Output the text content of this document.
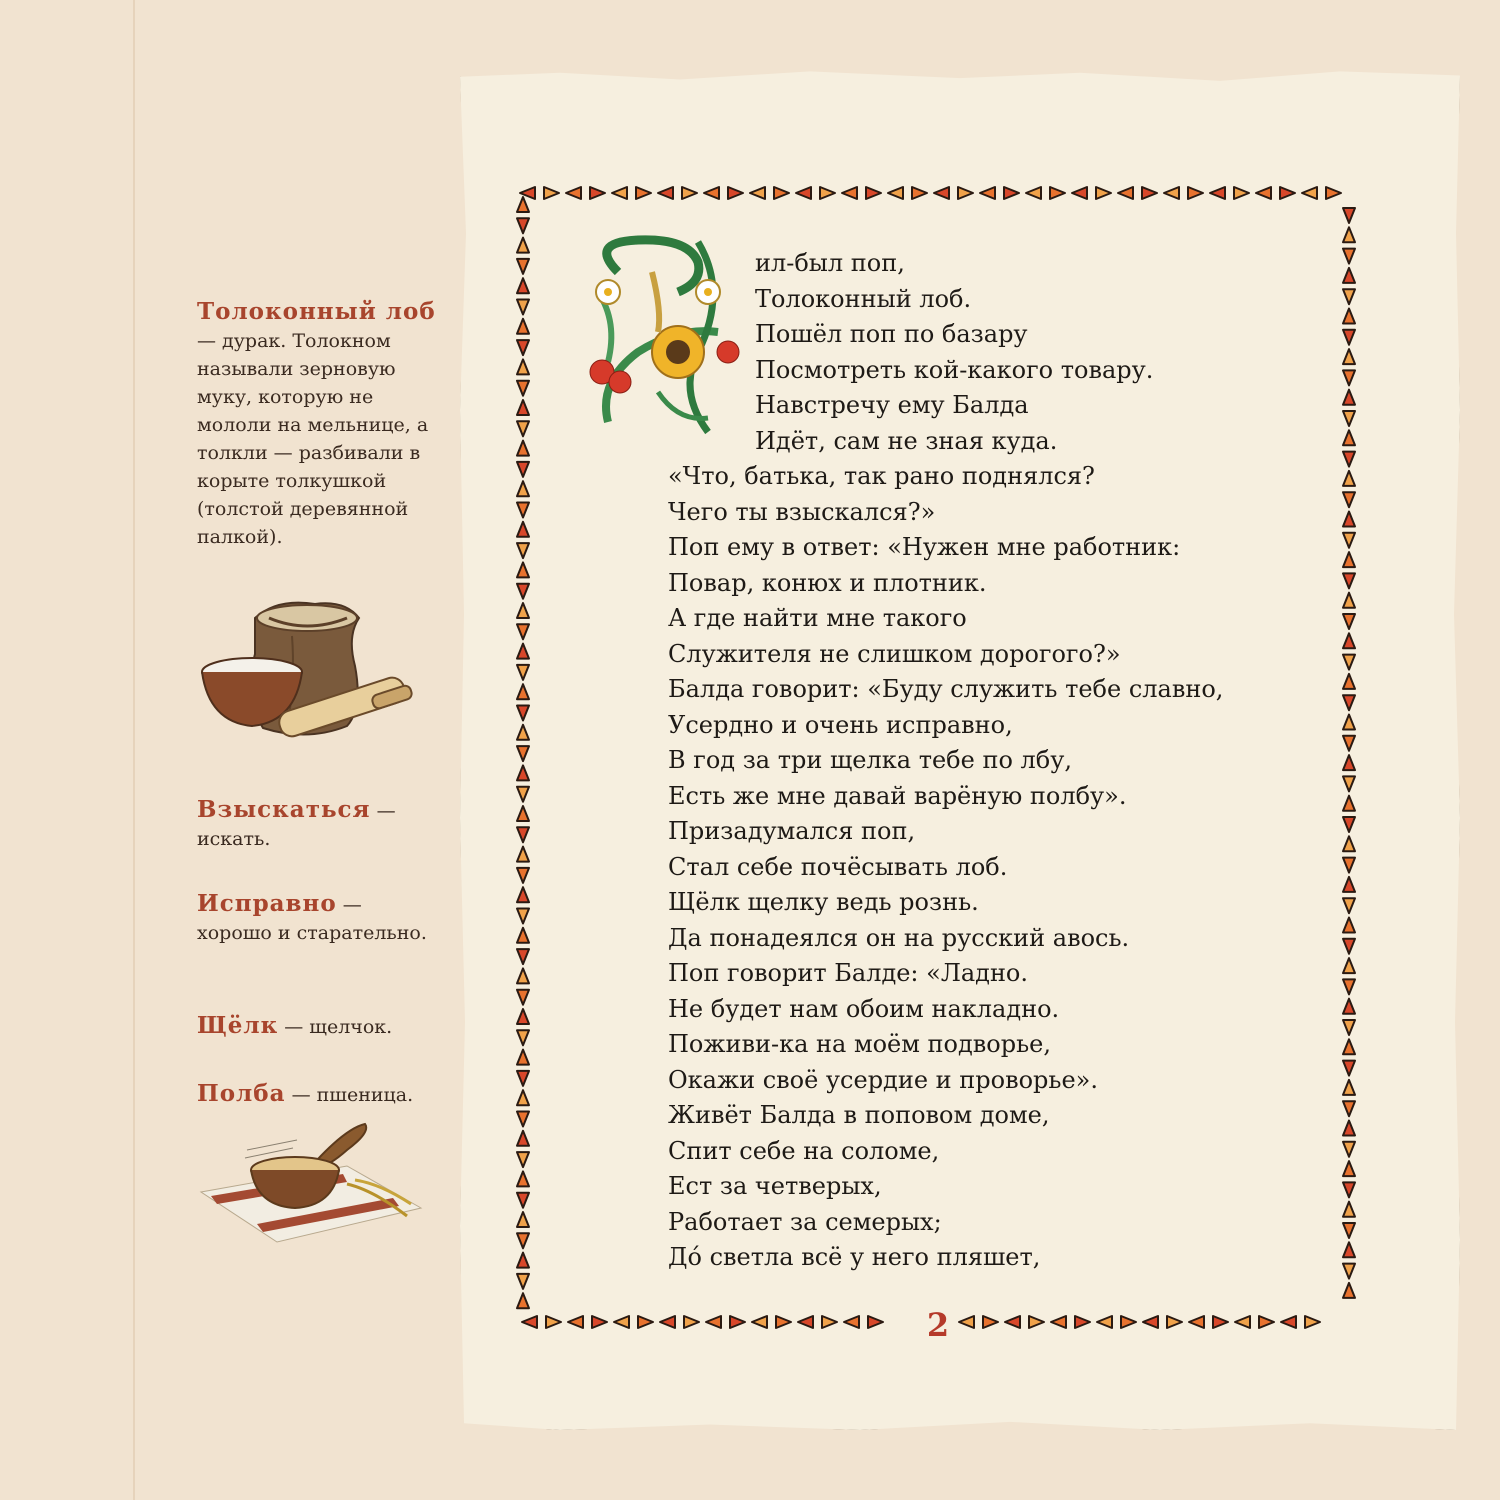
Толоконный лоб — дурак. Толокном называли зерновую муку, которую не мололи на мельнице, а толкли — разбивали в корыте толкушкой (толстой деревянной палкой).
Взыскаться —
искать.
Исправно —
хорошо и старательно.
Щёлк — щелчок.
Полба — пшеница.
ил-был поп,
Толоконный лоб.
Пошёл поп по базару
Посмотреть кой-какого товару.
Навстречу ему Балда
Идёт, сам не зная куда.
«Что, батька, так рано поднялся?
Чего ты взыскался?»
Поп ему в ответ: «Нужен мне работник:
Повар, конюх и плотник.
А где найти мне такого
Служителя не слишком дорогого?»
Балда говорит: «Буду служить тебе славно,
Усердно и очень исправно,
В год за три щелка тебе по лбу,
Есть же мне давай варёную полбу».
Призадумался поп,
Стал себе почёсывать лоб.
Щёлк щелку ведь рознь.
Да понадеялся он на русский авось.
Поп говорит Балде: «Ладно.
Не будет нам обоим накладно.
Поживи-ка на моём подворье,
Окажи своё усердие и проворье».
Живёт Балда в поповом доме,
Спит себе на соломе,
Ест за четверых,
Работает за семерых;
До́ светла всё у него пляшет,
2
